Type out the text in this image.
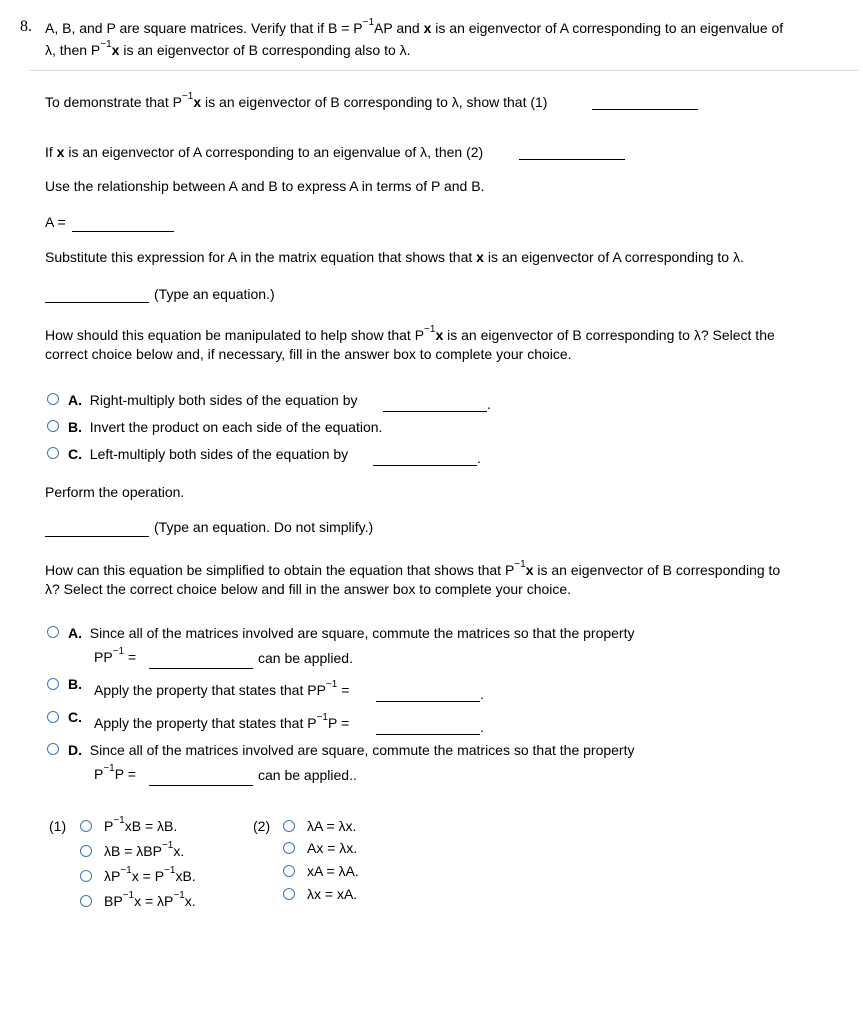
8. A, B, and P are square matrices. Verify that if $B = P^{-1}AP$ and x is an eigenvector of A corresponding to an eigenvalue of
λ, then $P^{-1}x$ is an eigenvector of B corresponding also to λ.
To demonstrate that $P^{-1}x$ is an eigenvector of B corresponding to λ, show that (1)
If x is an eigenvector of A corresponding to an eigenvalue of λ, then (2)
Use the relationship between A and B to express A in terms of P and B.
A =
Substitute this expression for A in the matrix equation that shows that x is an eigenvector of A corresponding to λ.
(Type an equation.)
How should this equation be manipulated to help show that $P^{-1}x$ is an eigenvector of B corresponding to λ? Select the
correct choice below and, if necessary, fill in the answer box to complete your choice.
A. Right-multiply both sides of the equation by	.
B. Invert the product on each side of the equation.
C. Left-multiply both sides of the equation by	.
Perform the operation.
(Type an equation. Do not simplify.)
How can this equation be simplified to obtain the equation that shows that $P^{-1}x$ is an eigenvector of B corresponding to
λ? Select the correct choice below and fill in the answer box to complete your choice.
A. Since all of the matrices involved are square, commute the matrices so that the property
$PP^{-1}$ =	can be applied.
B. Apply the property that states that $PP^{-1}$ =	.
C. Apply the property that states that $P^{-1}P$ =	.
D. Since all of the matrices involved are square, commute the matrices so that the property
$P^{-1}P$ =	can be applied..
(1)	$P^{-1}xB = \lambda B$.
λB = λBP$^{-1}$x.
$\lambda P^{-1}x = P^{-1}xB$.
$BP^{-1}x = \lambda P^{-1}x$.
(2)	λA = λx.
Ax = λx.
xA = λA.
λx = xA.
